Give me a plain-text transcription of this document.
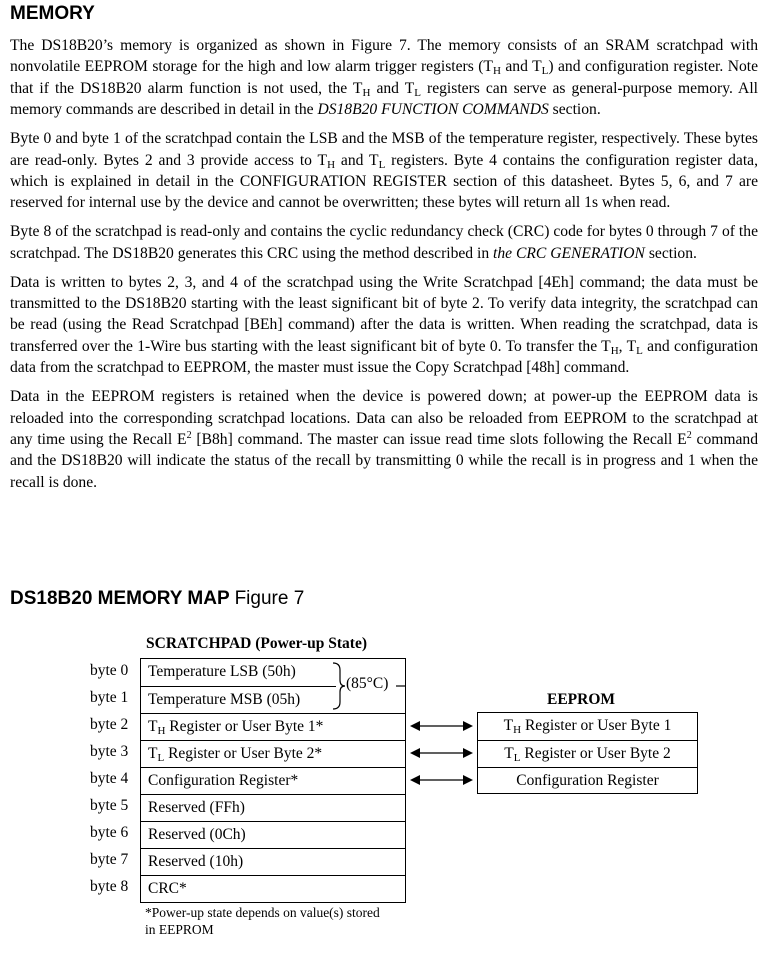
MEMORY

The DS18B20’s memory is organized as shown in Figure 7. The memory consists of an SRAM scratchpad with nonvolatile EEPROM storage for the high and low alarm trigger registers ($T_H$ and $T_L$) and configuration register. Note that if the DS18B20 alarm function is not used, the $T_H$ and $T_L$ registers can serve as general-purpose memory. All memory commands are described in detail in the DS18B20 FUNCTION COMMANDS section.

Byte 0 and byte 1 of the scratchpad contain the LSB and the MSB of the temperature register, respectively. These bytes are read-only. Bytes 2 and 3 provide access to $T_H$ and $T_L$ registers. Byte 4 contains the configuration register data, which is explained in detail in the CONFIGURATION REGISTER section of this datasheet. Bytes 5, 6, and 7 are reserved for internal use by the device and cannot be overwritten; these bytes will return all 1s when read.

Byte 8 of the scratchpad is read-only and contains the cyclic redundancy check (CRC) code for bytes 0 through 7 of the scratchpad. The DS18B20 generates this CRC using the method described in the CRC GENERATION section.

Data is written to bytes 2, 3, and 4 of the scratchpad using the Write Scratchpad [4Eh] command; the data must be transmitted to the DS18B20 starting with the least significant bit of byte 2. To verify data integrity, the scratchpad can be read (using the Read Scratchpad [BEh] command) after the data is written. When reading the scratchpad, data is transferred over the 1-Wire bus starting with the least significant bit of byte 0. To transfer the $T_H$, $T_L$ and configuration data from the scratchpad to EEPROM, the master must issue the Copy Scratchpad [48h] command.

Data in the EEPROM registers is retained when the device is powered down; at power-up the EEPROM data is reloaded into the corresponding scratchpad locations. Data can also be reloaded from EEPROM to the scratchpad at any time using the Recall $E^2$ [B8h] command. The master can issue read time slots following the Recall $E^2$ command and the DS18B20 will indicate the status of the recall by transmitting 0 while the recall is in progress and 1 when the recall is done.

DS18B20 MEMORY MAP Figure 7
SCRATCHPAD (Power-up State)
EEPROM
byte 0
byte 1
byte 2
byte 3
byte 4
byte 5
byte 6
byte 7
byte 8
Temperature LSB (50h)
Temperature MSB (05h)
$T_H$ Register or User Byte 1*
$T_L$ Register or User Byte 2*
Configuration Register*
Reserved (FFh)
Reserved (0Ch)
Reserved (10h)
CRC*
(85°C)
$T_H$ Register or User Byte 1
$T_L$ Register or User Byte 2
Configuration Register
*Power-up state depends on value(s) stored
in EEPROM
